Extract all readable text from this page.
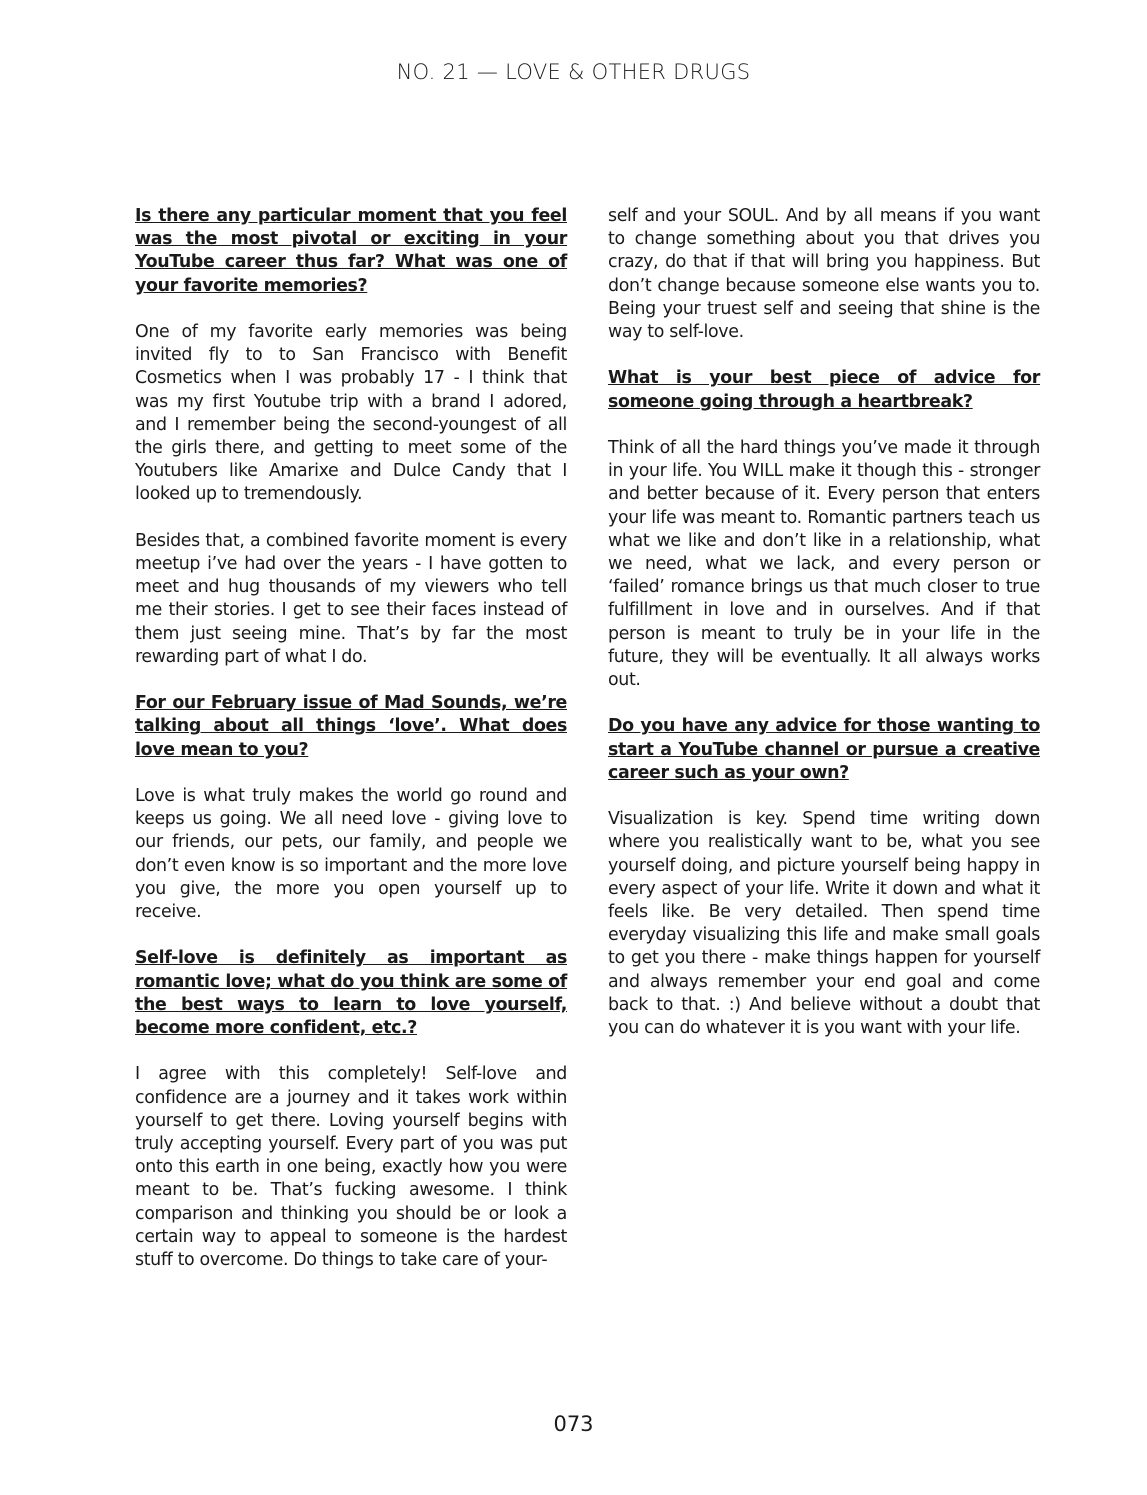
NO. 21 — LOVE & OTHER DRUGS

Is there any particular moment that you feel was the most pivotal or exciting in your YouTube career thus far? What was one of your favorite memories?

One of my favorite early memories was being invited fly to to San Francisco with Benefit Cosmetics when I was probably 17 - I think that was my first Youtube trip with a brand I adored, and I remember being the second-youngest of all the girls there, and getting to meet some of the Youtubers like Amarixe and Dulce Candy that I looked up to tremendously.

Besides that, a combined favorite moment is every meetup i’ve had over the years - I have gotten to meet and hug thousands of my viewers who tell me their stories. I get to see their faces instead of them just seeing mine. That’s by far the most rewarding part of what I do.

For our February issue of Mad Sounds, we’re talking about all things ‘love’. What does love mean to you?

Love is what truly makes the world go round and keeps us going. We all need love - giving love to our friends, our pets, our family, and people we don’t even know is so important and the more love you give, the more you open yourself up to receive.

Self-love is definitely as important as romantic love; what do you think are some of the best ways to learn to love yourself, become more confident, etc.?

I agree with this completely! Self-love and confidence are a journey and it takes work within yourself to get there. Loving yourself begins with truly accepting yourself. Every part of you was put onto this earth in one being, exactly how you were meant to be. That’s fucking awesome. I think comparison and thinking you should be or look a certain way to appeal to someone is the hardest stuff to overcome. Do things to take care of your-

self and your SOUL. And by all means if you want to change something about you that drives you crazy, do that if that will bring you happiness. But don’t change because someone else wants you to. Being your truest self and seeing that shine is the way to self-love.

What is your best piece of advice for someone going through a heartbreak?

Think of all the hard things you’ve made it through in your life. You WILL make it though this - stronger and better because of it. Every person that enters your life was meant to. Romantic partners teach us what we like and don’t like in a relationship, what we need, what we lack, and every person or ‘failed’ romance brings us that much closer to true fulfillment in love and in ourselves. And if that person is meant to truly be in your life in the future, they will be eventually. It all always works out.

Do you have any advice for those wanting to start a YouTube channel or pursue a creative career such as your own?

Visualization is key. Spend time writing down where you realistically want to be, what you see yourself doing, and picture yourself being happy in every aspect of your life. Write it down and what it feels like. Be very detailed. Then spend time everyday visualizing this life and make small goals to get you there - make things happen for yourself and always remember your end goal and come back to that. :) And believe without a doubt that you can do whatever it is you want with your life.

073
